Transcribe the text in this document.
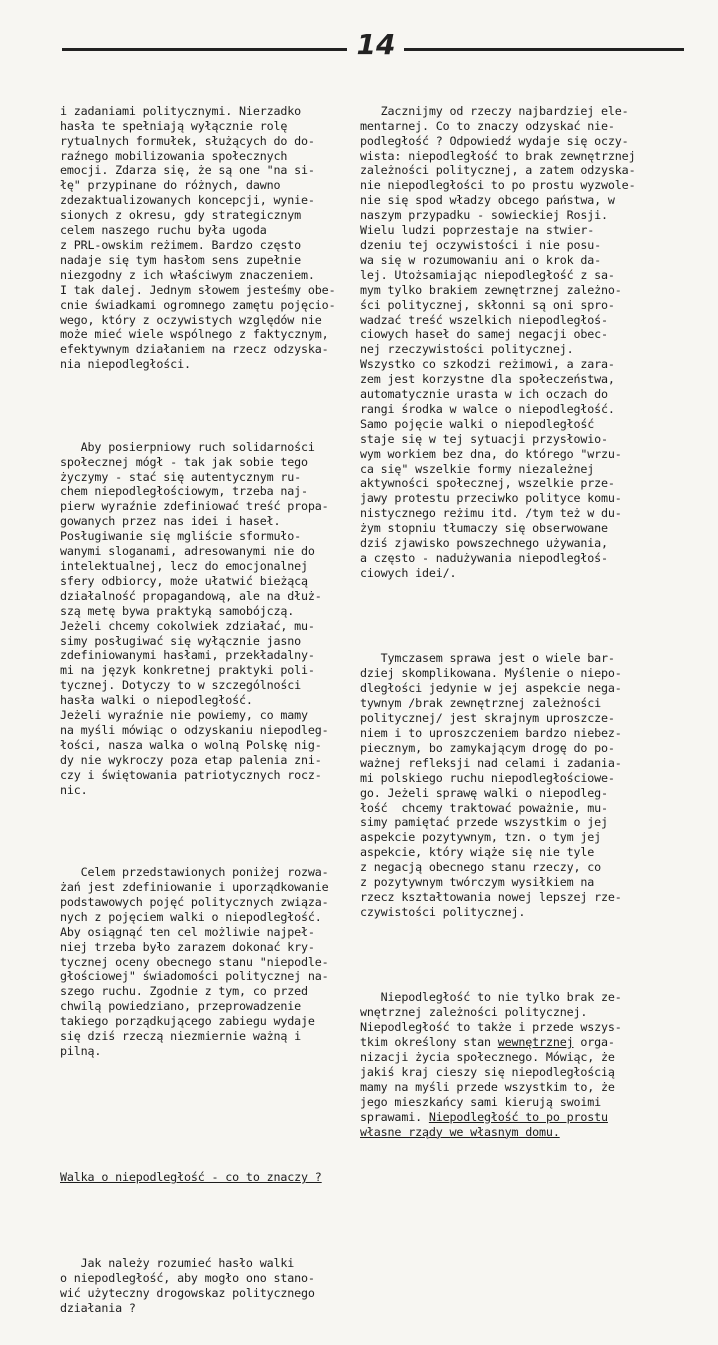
14

i zadaniami politycznymi. Nierzadko
hasła te spełniają wyłącznie rolę
rytualnych formułek, służących do do-
raźnego mobilizowania społecznych
emocji. Zdarza się, że są one "na si-
łę" przypinane do różnych, dawno
zdezaktualizowanych koncepcji, wynie-
sionych z okresu, gdy strategicznym
celem naszego ruchu była ugoda
z PRL-owskim reżimem. Bardzo często
nadaje się tym hasłom sens zupełnie
niezgodny z ich właściwym znaczeniem.
I tak dalej. Jednym słowem jesteśmy obe-
cnie świadkami ogromnego zamętu pojęcio-
wego, który z oczywistych względów nie
może mieć wiele wspólnego z faktycznym,
efektywnym działaniem na rzecz odzyska-
nia niepodległości.

Aby posierpniowy ruch solidarności
społecznej mógł - tak jak sobie tego
życzymy - stać się autentycznym ru-
chem niepodległościowym, trzeba naj-
pierw wyraźnie zdefiniować treść propa-
gowanych przez nas idei i haseł.
Posługiwanie się mgliście sformuło-
wanymi sloganami, adresowanymi nie do
intelektualnej, lecz do emocjonalnej
sfery odbiorcy, może ułatwić bieżącą
działalność propagandową, ale na dłuż-
szą metę bywa praktyką samobójczą.
Jeżeli chcemy cokolwiek zdziałać, mu-
simy posługiwać się wyłącznie jasno
zdefiniowanymi hasłami, przekładalny-
mi na język konkretnej praktyki poli-
tycznej. Dotyczy to w szczególności
hasła walki o niepodległość.
Jeżeli wyraźnie nie powiemy, co mamy
na myśli mówiąc o odzyskaniu niepodleg-
łości, nasza walka o wolną Polskę nig-
dy nie wykroczy poza etap palenia zni-
czy i świętowania patriotycznych rocz-
nic.

Celem przedstawionych poniżej rozwa-
żań jest zdefiniowanie i uporządkowanie
podstawowych pojęć politycznych związa-
nych z pojęciem walki o niepodległość.
Aby osiągnąć ten cel możliwie najpeł-
niej trzeba było zarazem dokonać kry-
tycznej oceny obecnego stanu "niepodle-
głościowej" świadomości politycznej na-
szego ruchu. Zgodnie z tym, co przed
chwilą powiedziano, przeprowadzenie
takiego porządkującego zabiegu wydaje
się dziś rzeczą niezmiernie ważną i
pilną.

Walka o niepodległość - co to znaczy ?

Jak należy rozumieć hasło walki
o niepodległość, aby mogło ono stano-
wić użyteczny drogowskaz politycznego
działania ?

Zacznijmy od rzeczy najbardziej ele-
mentarnej. Co to znaczy odzyskać nie-
podległość ? Odpowiedź wydaje się oczy-
wista: niepodległość to brak zewnętrznej
zależności politycznej, a zatem odzyska-
nie niepodległości to po prostu wyzwole-
nie się spod władzy obcego państwa, w
naszym przypadku - sowieckiej Rosji.
Wielu ludzi poprzestaje na stwier-
dzeniu tej oczywistości i nie posu-
wa się w rozumowaniu ani o krok da-
lej. Utożsamiając niepodległość z sa-
mym tylko brakiem zewnętrznej zależno-
ści politycznej, skłonni są oni spro-
wadzać treść wszelkich niepodległoś-
ciowych haseł do samej negacji obec-
nej rzeczywistości politycznej.
Wszystko co szkodzi reżimowi, a zara-
zem jest korzystne dla społeczeństwa,
automatycznie urasta w ich oczach do
rangi środka w walce o niepodległość.
Samo pojęcie walki o niepodległość
staje się w tej sytuacji przysłowio-
wym workiem bez dna, do którego "wrzu-
ca się" wszelkie formy niezależnej
aktywności społecznej, wszelkie prze-
jawy protestu przeciwko polityce komu-
nistycznego reżimu itd. /tym też w du-
żym stopniu tłumaczy się obserwowane
dziś zjawisko powszechnego używania,
a często - nadużywania niepodległoś-
ciowych idei/.

Tymczasem sprawa jest o wiele bar-
dziej skomplikowana. Myślenie o niepo-
dległości jedynie w jej aspekcie nega-
tywnym /brak zewnętrznej zależności
politycznej/ jest skrajnym uproszcze-
niem i to uproszczeniem bardzo niebez-
piecznym, bo zamykającym drogę do po-
ważnej refleksji nad celami i zadania-
mi polskiego ruchu niepodległościowe-
go. Jeżeli sprawę walki o niepodleg-
łość  chcemy traktować poważnie, mu-
simy pamiętać przede wszystkim o jej
aspekcie pozytywnym, tzn. o tym jej
aspekcie, który wiąże się nie tyle
z negacją obecnego stanu rzeczy, co
z pozytywnym twórczym wysiłkiem na
rzecz kształtowania nowej lepszej rze-
czywistości politycznej.

Niepodległość to nie tylko brak ze-
wnętrznej zależności politycznej.
Niepodległość to także i przede wszys-
tkim określony stan wewnętrznej orga-
nizacji życia społecznego. Mówiąc, że
jakiś kraj cieszy się niepodległością
mamy na myśli przede wszystkim to, że
jego mieszkańcy sami kierują swoimi
sprawami. Niepodległość to po prostu
własne rządy we własnym domu.
